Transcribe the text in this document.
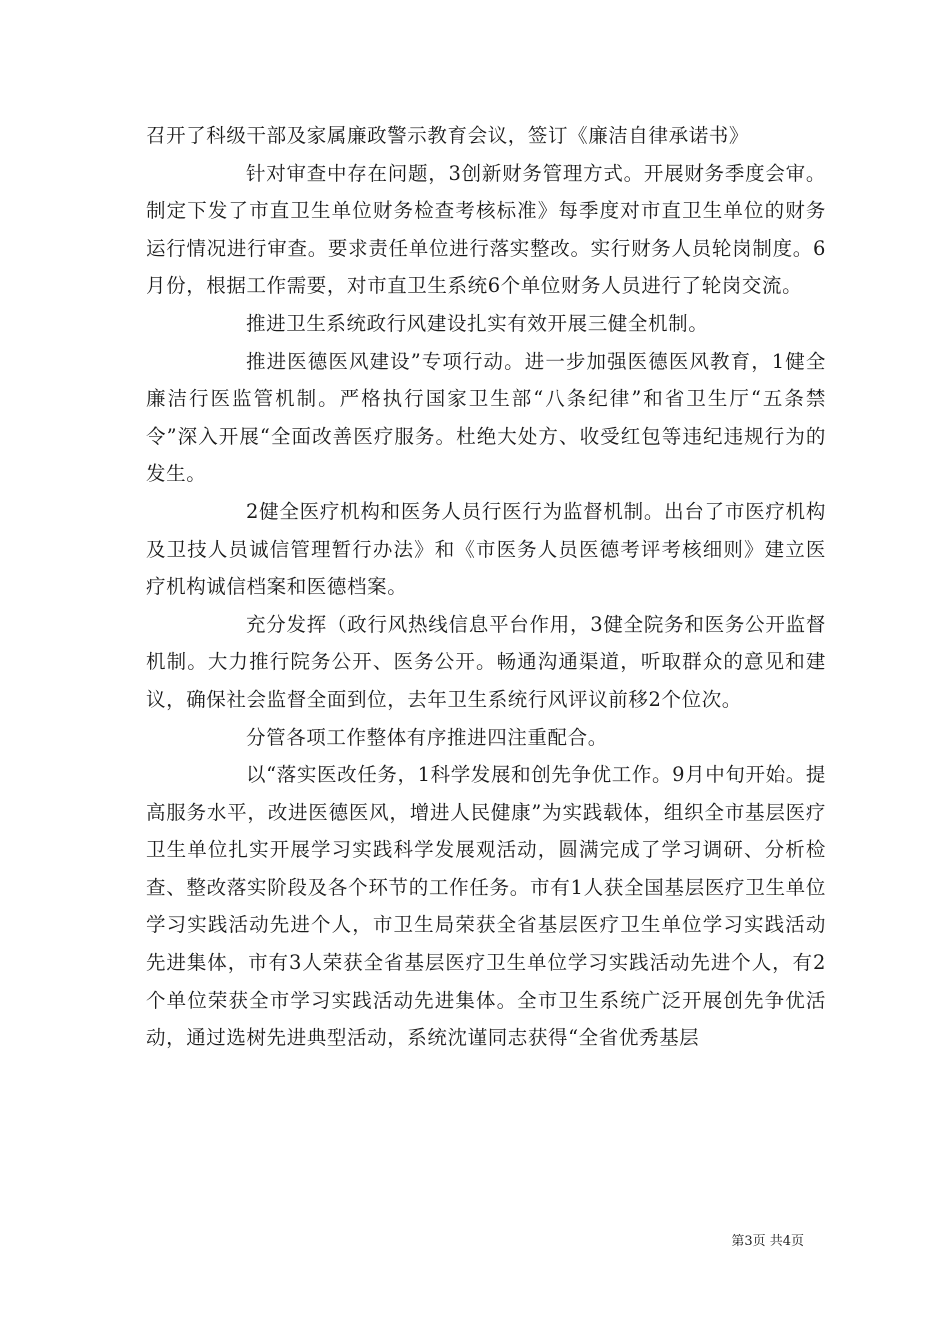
召开了科级干部及家属廉政警示教育会议，签订《廉洁自律承诺书》

针对审查中存在问题，3创新财务管理方式。开展财务季度会审。制定下发了市直卫生单位财务检查考核标准》每季度对市直卫生单位的财务运行情况进行审查。要求责任单位进行落实整改。实行财务人员轮岗制度。6月份，根据工作需要，对市直卫生系统6个单位财务人员进行了轮岗交流。

推进卫生系统政行风建设扎实有效开展三健全机制。

推进医德医风建设”专项行动。进一步加强医德医风教育，1健全廉洁行医监管机制。严格执行国家卫生部“八条纪律”和省卫生厅“五条禁令”深入开展“全面改善医疗服务。杜绝大处方、收受红包等违纪违规行为的发生。

2健全医疗机构和医务人员行医行为监督机制。出台了市医疗机构及卫技人员诚信管理暂行办法》和《市医务人员医德考评考核细则》建立医疗机构诚信档案和医德档案。

充分发挥（政行风热线信息平台作用，3健全院务和医务公开监督机制。大力推行院务公开、医务公开。畅通沟通渠道，听取群众的意见和建议，确保社会监督全面到位，去年卫生系统行风评议前移2个位次。

分管各项工作整体有序推进四注重配合。

以“落实医改任务，1科学发展和创先争优工作。9月中旬开始。提高服务水平，改进医德医风，增进人民健康”为实践载体，组织全市基层医疗卫生单位扎实开展学习实践科学发展观活动，圆满完成了学习调研、分析检查、整改落实阶段及各个环节的工作任务。市有1人获全国基层医疗卫生单位学习实践活动先进个人，市卫生局荣获全省基层医疗卫生单位学习实践活动先进集体，市有3人荣获全省基层医疗卫生单位学习实践活动先进个人，有2个单位荣获全市学习实践活动先进集体。全市卫生系统广泛开展创先争优活动，通过选树先进典型活动，系统沈谨同志获得“全省优秀基层

第3页 共4页
